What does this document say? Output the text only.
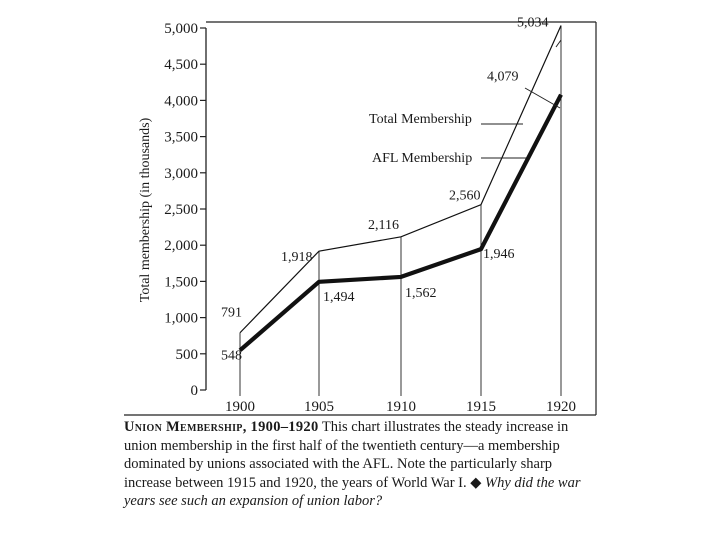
0
500
1,000
1,500
2,000
2,500
3,000
3,500
4,000
4,500
5,000
1900	1905	1910	1915	1920
791
1,918
2,116
2,560
5,034
548
1,494	1,562
1,946
4,079
Total Membership
AFL Membership
Total membership (in thousands)
Union Membership, 1900–1920 This chart illustrates the steady increase in union membership in the first half of the twentieth century—a membership dominated by unions associated with the AFL. Note the particularly sharp increase between 1915 and 1920, the years of World War I. ◆ Why did the war years see such an expansion of union labor?
